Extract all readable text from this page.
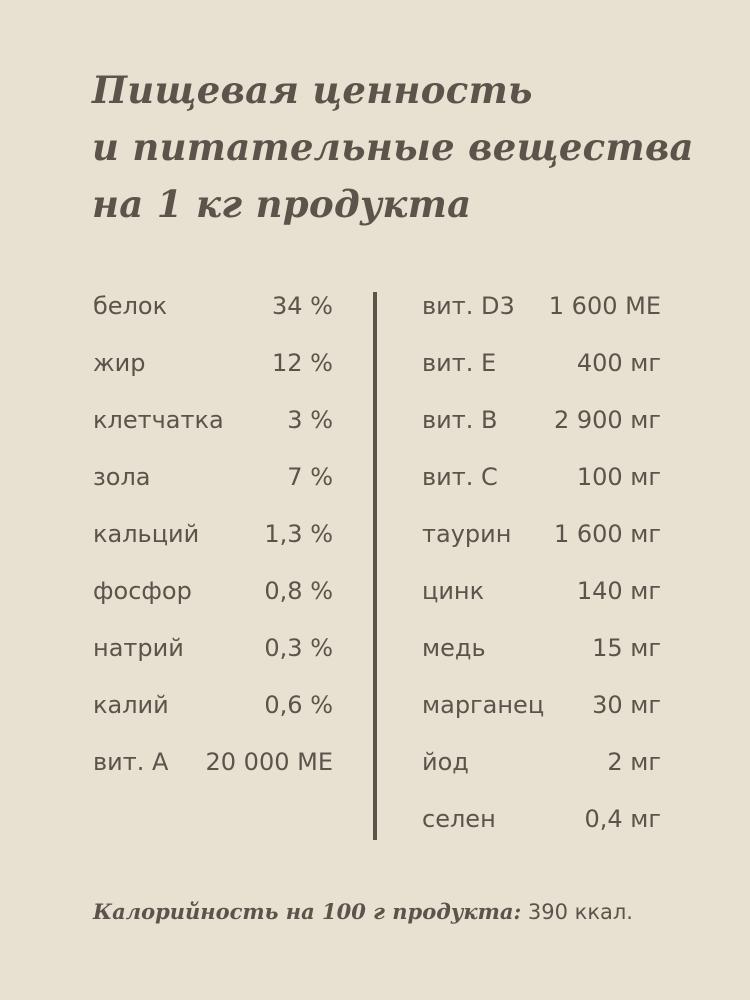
Пищевая ценность
и питательные вещества
на 1 кг продукта
белок	34 %
жир	12 %
клетчатка	3 %
зола	7 %
кальций	1,3 %
фосфор	0,8 %
натрий	0,3 %
калий	0,6 %
вит. А 20 000 МЕ
вит. D3 1 600 МЕ
вит. Е	400 мг
вит. В 2 900 мг
вит. С	100 мг
таурин 1 600 мг
цинк	140 мг
медь	15 мг
марганец 30 мг
йод	2 мг
селен	0,4 мг
Калорийность на 100 г продукта: 390 ккал.
